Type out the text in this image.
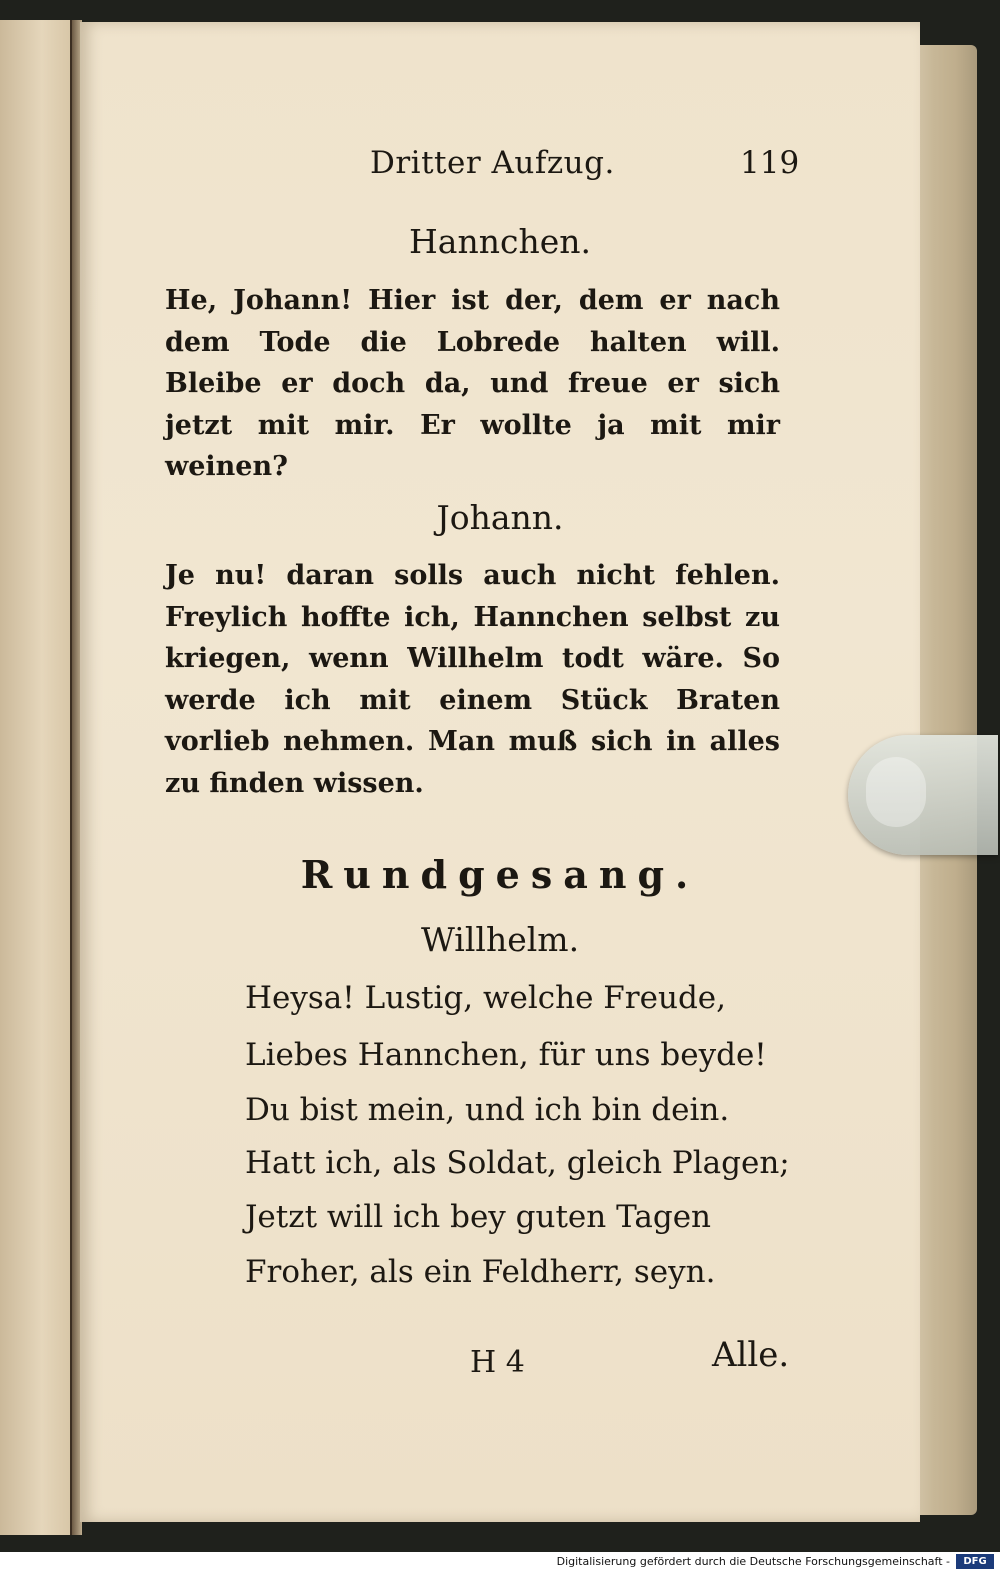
Dritter Aufzug.	119
Hannchen.
He, Johann! Hier ist der, dem er nach dem Tode die Lobrede halten will. Bleibe er doch da, und freue er sich jetzt mit mir. Er wollte ja mit mir weinen?
Johann.
Je nu! daran solls auch nicht fehlen. Freylich hoffte ich, Hannchen selbst zu kriegen, wenn Willhelm todt wäre. So werde ich mit einem Stück Braten vorlieb nehmen. Man muß sich in alles zu finden wissen.
Rundgesang.
Willhelm.
Heysa! Lustig, welche Freude,
Liebes Hannchen, für uns beyde!
Du bist mein, und ich bin dein.
Hatt ich, als Soldat, gleich Plagen;
Jetzt will ich bey guten Tagen
Froher, als ein Feldherr, seyn.
H 4	Alle.
Digitalisierung gefördert durch die Deutsche Forschungsgemeinschaft -	DFG
